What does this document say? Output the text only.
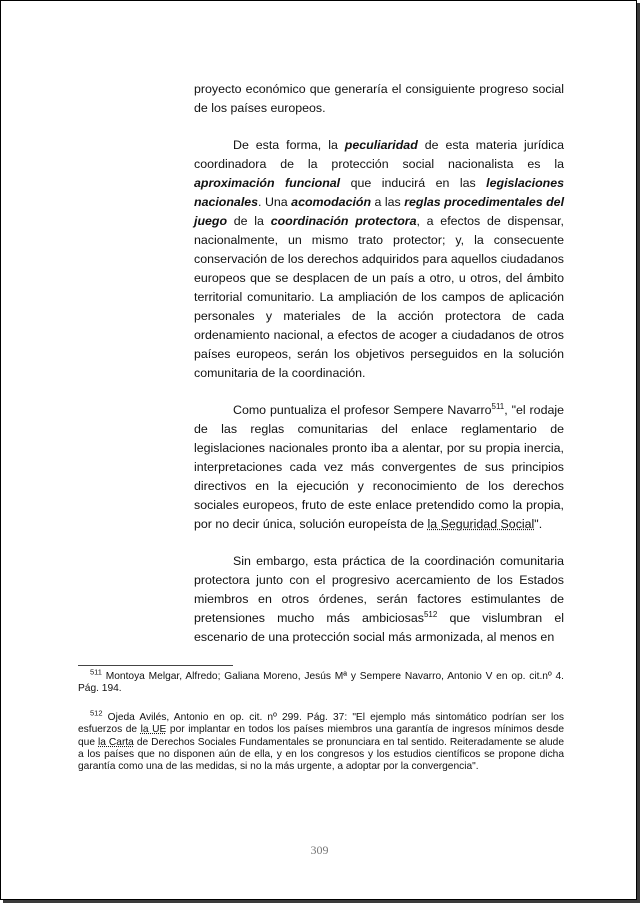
proyecto económico que generaría el consiguiente progreso social de los países europeos.

De esta forma, la peculiaridad de esta materia jurídica coordinadora de la protección social nacionalista es la aproximación funcional que inducirá en las legislaciones nacionales. Una acomodación a las reglas procedimentales del juego de la coordinación protectora, a efectos de dispensar, nacionalmente, un mismo trato protector; y, la consecuente conservación de los derechos adquiridos para aquellos ciudadanos europeos que se desplacen de un país a otro, u otros, del ámbito territorial comunitario. La ampliación de los campos de aplicación personales y materiales de la acción protectora de cada ordenamiento nacional, a efectos de acoger a ciudadanos de otros países europeos, serán los objetivos perseguidos en la solución comunitaria de la coordinación.

Como puntualiza el profesor Sempere Navarro$^{511}$, "el rodaje de las reglas comunitarias del enlace reglamentario de legislaciones nacionales pronto iba a alentar, por su propia inercia, interpretaciones cada vez más convergentes de sus principios directivos en la ejecución y reconocimiento de los derechos sociales europeos, fruto de este enlace pretendido como la propia, por no decir única, solución europeísta de la Seguridad Social".

Sin embargo, esta práctica de la coordinación comunitaria protectora junto con el progresivo acercamiento de los Estados miembros en otros órdenes, serán factores estimulantes de pretensiones mucho más ambiciosas$^{512}$ que vislumbran el escenario de una protección social más armonizada, al menos en

$^{511}$ Montoya Melgar, Alfredo; Galiana Moreno, Jesús Mª y Sempere Navarro, Antonio V en op. cit.nº 4. Pág. 194.

$^{512}$ Ojeda Avilés, Antonio en op. cit. nº 299. Pág. 37: "El ejemplo más sintomático podrían ser los esfuerzos de la UE por implantar en todos los países miembros una garantía de ingresos mínimos desde que la Carta de Derechos Sociales Fundamentales se pronunciara en tal sentido. Reiteradamente se alude a los países que no disponen aún de ella, y en los congresos y los estudios científicos se propone dicha garantía como una de las medidas, si no la más urgente, a adoptar por la convergencia".

309
